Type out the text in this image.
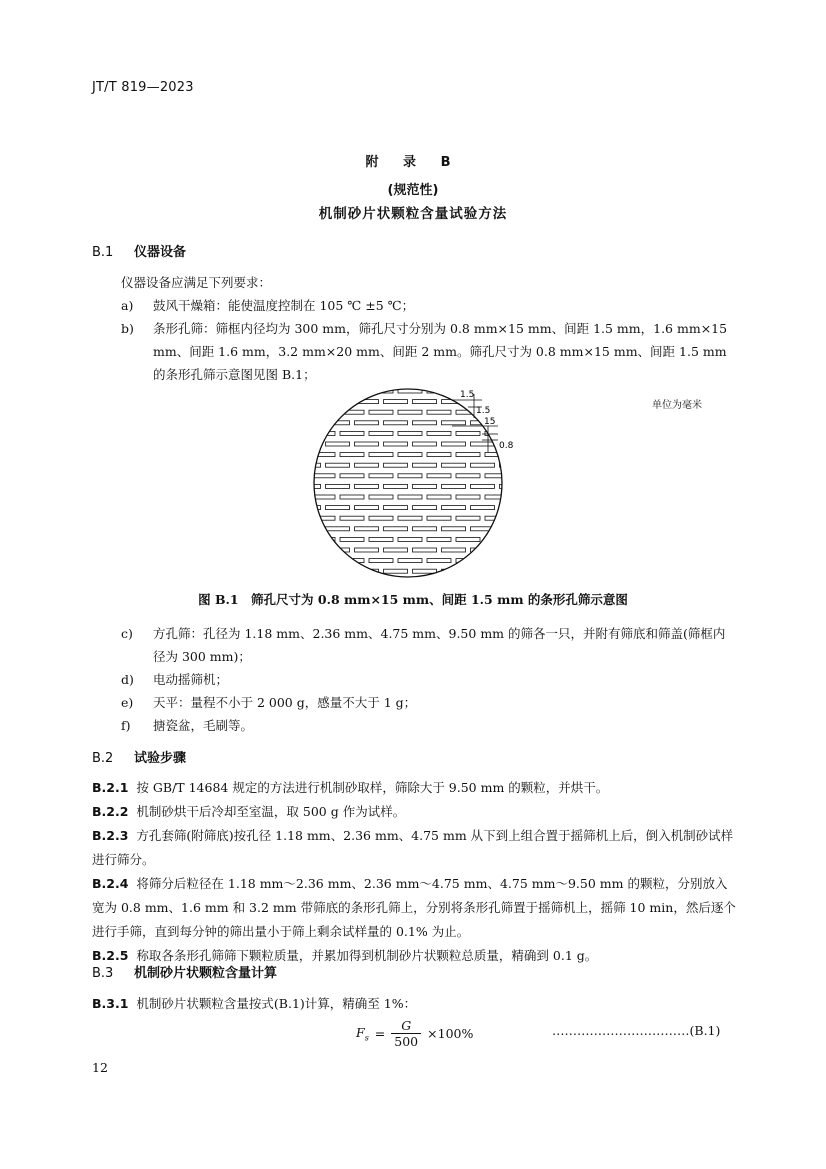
JT/T 819—2023
附 录 B
(规范性)
机制砂片状颗粒含量试验方法
B.1 仪器设备
仪器设备应满足下列要求：
a) 鼓风干燥箱：能使温度控制在 105 ℃ ±5 ℃；
b) 条形孔筛：筛框内径均为 300 mm，筛孔尺寸分别为 0.8 mm×15 mm、间距 1.5 mm，1.6 mm×15 mm、间距 1.6 mm，3.2 mm×20 mm、间距 2 mm。筛孔尺寸为 0.8 mm×15 mm、间距 1.5 mm 的条形孔筛示意图见图 B.1；
单位为毫米
1.5
1.5
15
0.8
图 B.1　筛孔尺寸为 0.8 mm×15 mm、间距 1.5 mm 的条形孔筛示意图
c) 方孔筛：孔径为 1.18 mm、2.36 mm、4.75 mm、9.50 mm 的筛各一只，并附有筛底和筛盖(筛框内径为 300 mm)；
d) 电动摇筛机；
e) 天平：量程不小于 2 000 g，感量不大于 1 g；
f) 搪瓷盆，毛刷等。
B.2 试验步骤
B.2.1 按 GB/T 14684 规定的方法进行机制砂取样，筛除大于 9.50 mm 的颗粒，并烘干。
B.2.2 机制砂烘干后冷却至室温，取 500 g 作为试样。
B.2.3 方孔套筛(附筛底)按孔径 1.18 mm、2.36 mm、4.75 mm 从下到上组合置于摇筛机上后，倒入机制砂试样进行筛分。
B.2.4 将筛分后粒径在 1.18 mm～2.36 mm、2.36 mm～4.75 mm、4.75 mm～9.50 mm 的颗粒，分别放入宽为 0.8 mm、1.6 mm 和 3.2 mm 带筛底的条形孔筛上，分别将条形孔筛置于摇筛机上，摇筛 10 min，然后逐个进行手筛，直到每分钟的筛出量小于筛上剩余试样量的 0.1% 为止。
B.2.5 称取各条形孔筛筛下颗粒质量，并累加得到机制砂片状颗粒总质量，精确到 0.1 g。
B.3 机制砂片状颗粒含量计算
B.3.1 机制砂片状颗粒含量按式(B.1)计算，精确至 1%：
$F_s = \frac{G}{500} \times 100\%$	……………………………(B.1)
12
